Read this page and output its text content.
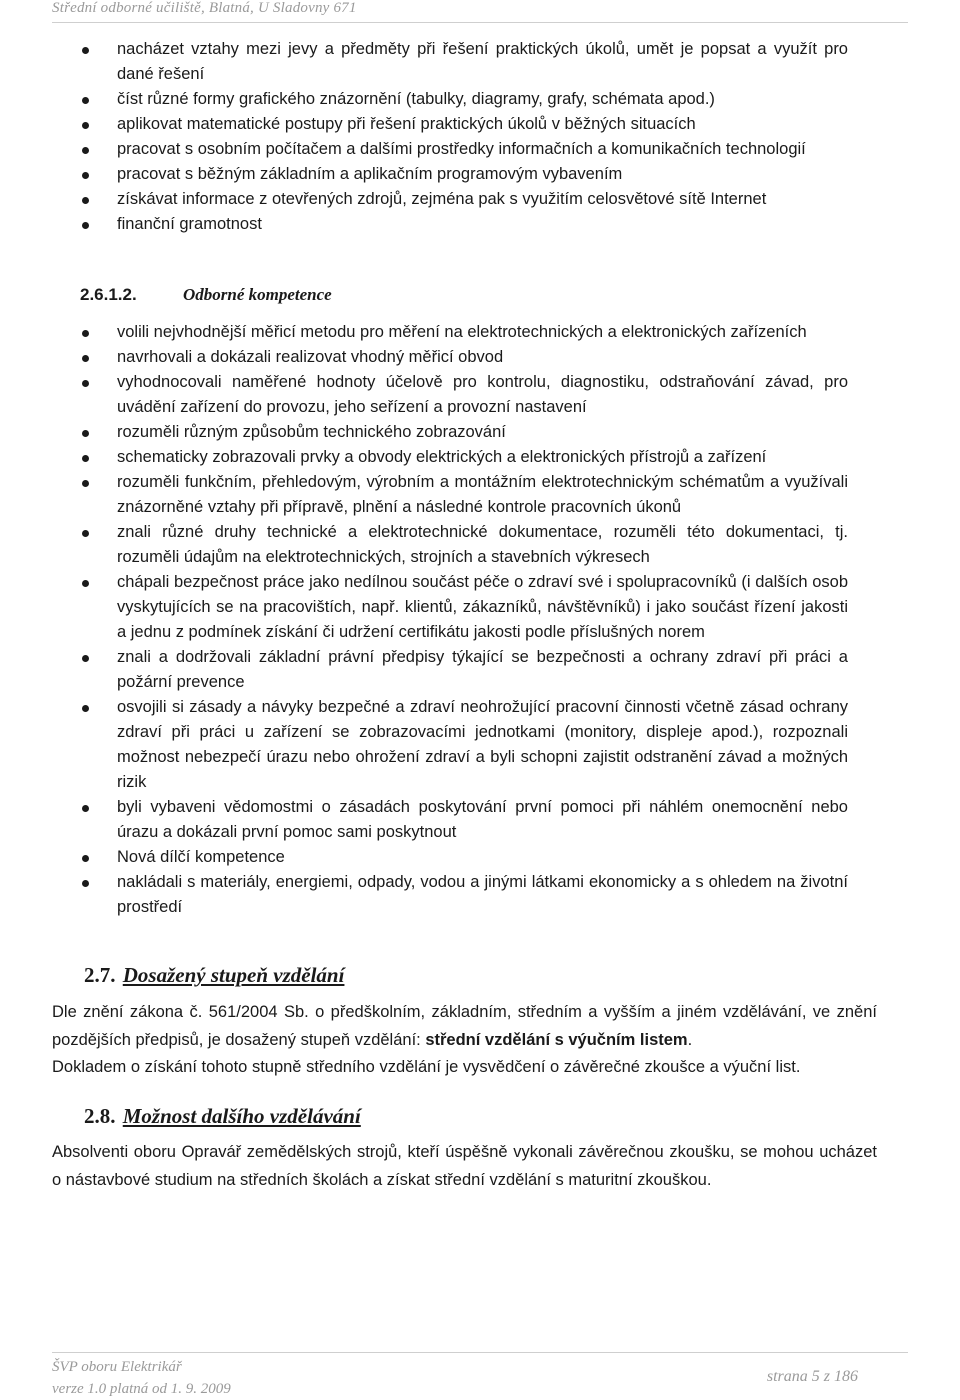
Střední odborné učiliště, Blatná, U Sladovny 671
nacházet vztahy mezi jevy a předměty při řešení praktických úkolů, umět je popsat a využít pro dané řešení
číst různé formy grafického znázornění (tabulky, diagramy, grafy, schémata apod.)
aplikovat matematické postupy při řešení praktických úkolů v běžných situacích
pracovat s osobním počítačem a dalšími prostředky informačních a komunikačních technologií
pracovat s běžným základním a aplikačním programovým vybavením
získávat informace z otevřených zdrojů, zejména pak s využitím celosvětové sítě Internet
finanční gramotnost
2.6.1.2.	Odborné kompetence
volili nejvhodnější měřicí metodu pro měření na elektrotechnických a elektronických zařízeních
navrhovali a dokázali realizovat vhodný měřicí obvod
vyhodnocovali naměřené hodnoty účelově pro kontrolu, diagnostiku, odstraňování závad, pro uvádění zařízení do provozu, jeho seřízení a provozní nastavení
rozuměli různým způsobům technického zobrazování
schematicky zobrazovali prvky a obvody elektrických a elektronických přístrojů a zařízení
rozuměli funkčním, přehledovým, výrobním a montážním elektrotechnickým schématům a využívali znázorněné vztahy při přípravě, plnění a následné kontrole pracovních úkonů
znali různé druhy technické a elektrotechnické dokumentace, rozuměli této dokumentaci, tj. rozuměli údajům na elektrotechnických, strojních a stavebních výkresech
chápali bezpečnost práce jako nedílnou součást péče o zdraví své i spolupracovníků (i dalších osob vyskytujících se na pracovištích, např. klientů, zákazníků, návštěvníků) i jako součást řízení jakosti a jednu z podmínek získání či udržení certifikátu jakosti podle příslušných norem
znali a dodržovali základní právní předpisy týkající se bezpečnosti a ochrany zdraví při práci a požární prevence
osvojili si zásady a návyky bezpečné a zdraví neohrožující pracovní činnosti včetně zásad ochrany zdraví při práci u zařízení se zobrazovacími jednotkami (monitory, displeje apod.), rozpoznali možnost nebezpečí úrazu nebo ohrožení zdraví a byli schopni zajistit odstranění závad a možných rizik
byli vybaveni vědomostmi o zásadách poskytování první pomoci při náhlém onemocnění nebo úrazu a dokázali první pomoc sami poskytnout
Nová dílčí kompetence
nakládali s materiály, energiemi, odpady, vodou a jinými látkami ekonomicky a s ohledem na životní prostředí
2.7. Dosažený stupeň vzdělání
Dle znění zákona č. 561/2004 Sb. o předškolním, základním, středním a vyšším a jiném vzdělávání, ve znění pozdějších předpisů, je dosažený stupeň vzdělání: střední vzdělání s výučním listem.
Dokladem o získání tohoto stupně středního vzdělání je vysvědčení o závěrečné zkoušce a výuční list.
2.8. Možnost dalšího vzdělávání
Absolventi oboru Opravář zemědělských strojů, kteří úspěšně vykonali závěrečnou zkoušku, se mohou ucházet o nástavbové studium na středních školách a získat střední vzdělání s maturitní zkouškou.
ŠVP oboru Elektrikář
verze 1.0 platná od 1. 9. 2009
strana 5 z 186
